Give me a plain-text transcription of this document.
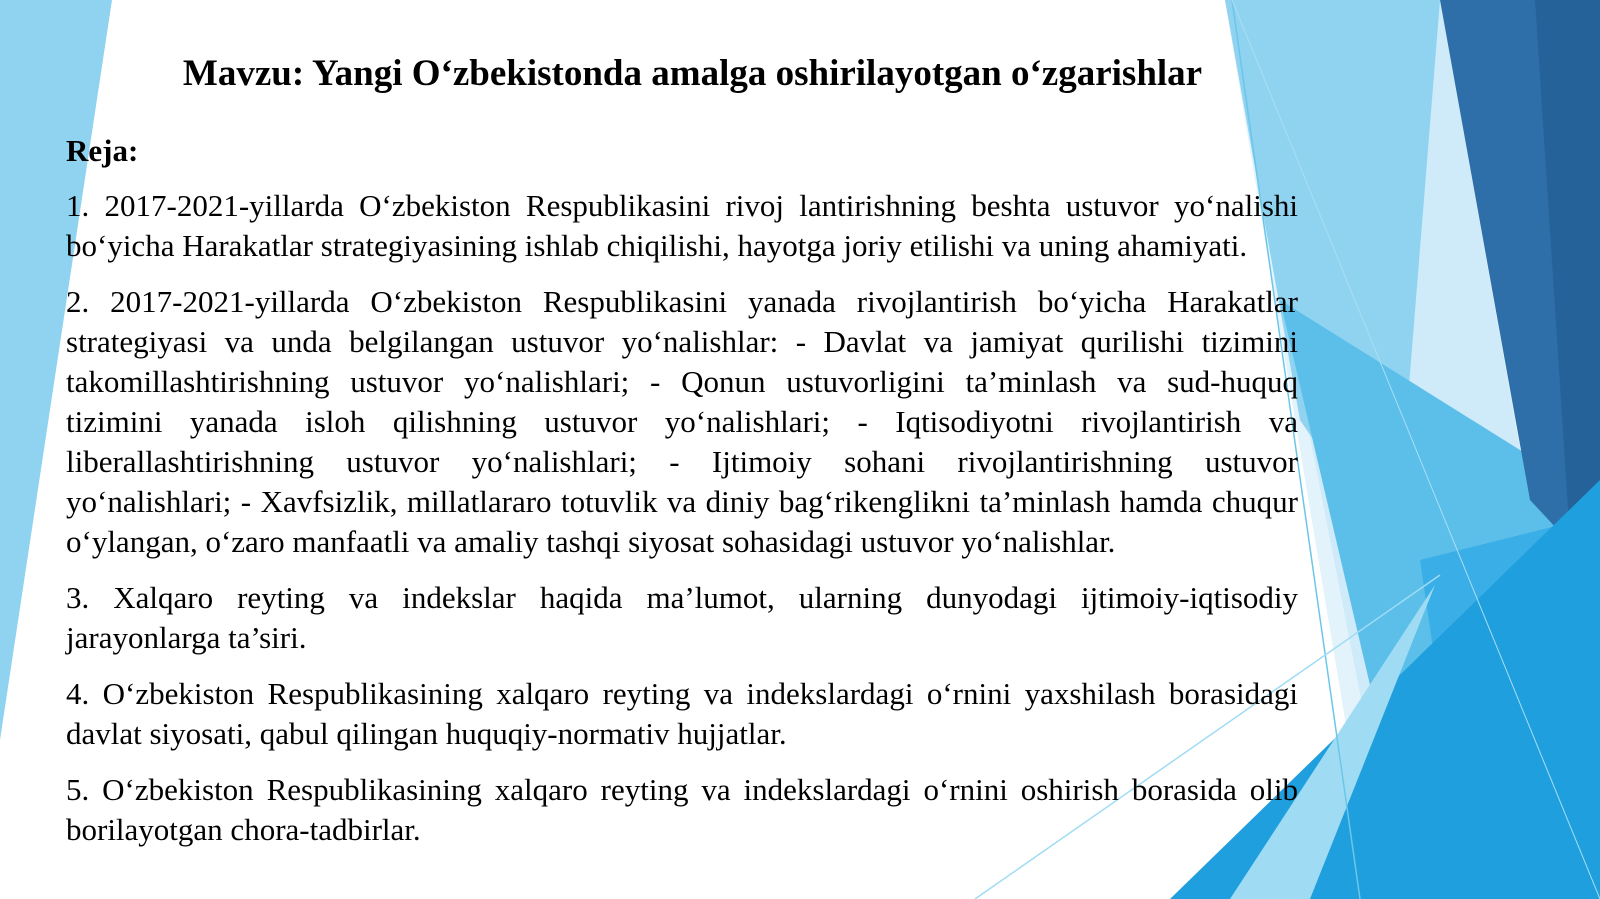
Mavzu: Yangi O‘zbekistonda amalga oshirilayotgan o‘zgarishlar
Reja:
1. 2017-2021-yillarda O‘zbekiston Respublikasini rivoj lantirishning beshta ustuvor yo‘nalishi bo‘yicha Harakatlar strategiyasining ishlab chiqilishi, hayotga joriy etilishi va uning ahamiyati.
2. 2017-2021-yillarda O‘zbekiston Respublikasini yanada rivojlantirish bo‘yicha Harakatlar strategiyasi va unda belgilangan ustuvor yo‘nalishlar: - Davlat va jamiyat qurilishi tizimini takomillashtirishning ustuvor yo‘nalishlari; - Qonun ustuvorligini ta’minlash va sud-huquq tizimini yanada isloh qilishning ustuvor yo‘nalishlari; - Iqtisodiyotni rivojlantirish va liberallashtirishning ustuvor yo‘nalishlari; - Ijtimoiy sohani rivojlantirishning ustuvor yo‘nalishlari; - Xavfsizlik, millatlararo totuvlik va diniy bag‘rikenglikni ta’minlash hamda chuqur o‘ylangan, o‘zaro manfaatli va amaliy tashqi siyosat sohasidagi ustuvor yo‘nalishlar.
3. Xalqaro reyting va indekslar haqida ma’lumot, ularning dunyodagi ijtimoiy-iqtisodiy jarayonlarga ta’siri.
4. O‘zbekiston Respublikasining xalqaro reyting va indekslardagi o‘rnini yaxshilash borasidagi davlat siyosati, qabul qilingan huquqiy-normativ hujjatlar.
5. O‘zbekiston Respublikasining xalqaro reyting va indekslardagi o‘rnini oshirish borasida olib borilayotgan chora-tadbirlar.
